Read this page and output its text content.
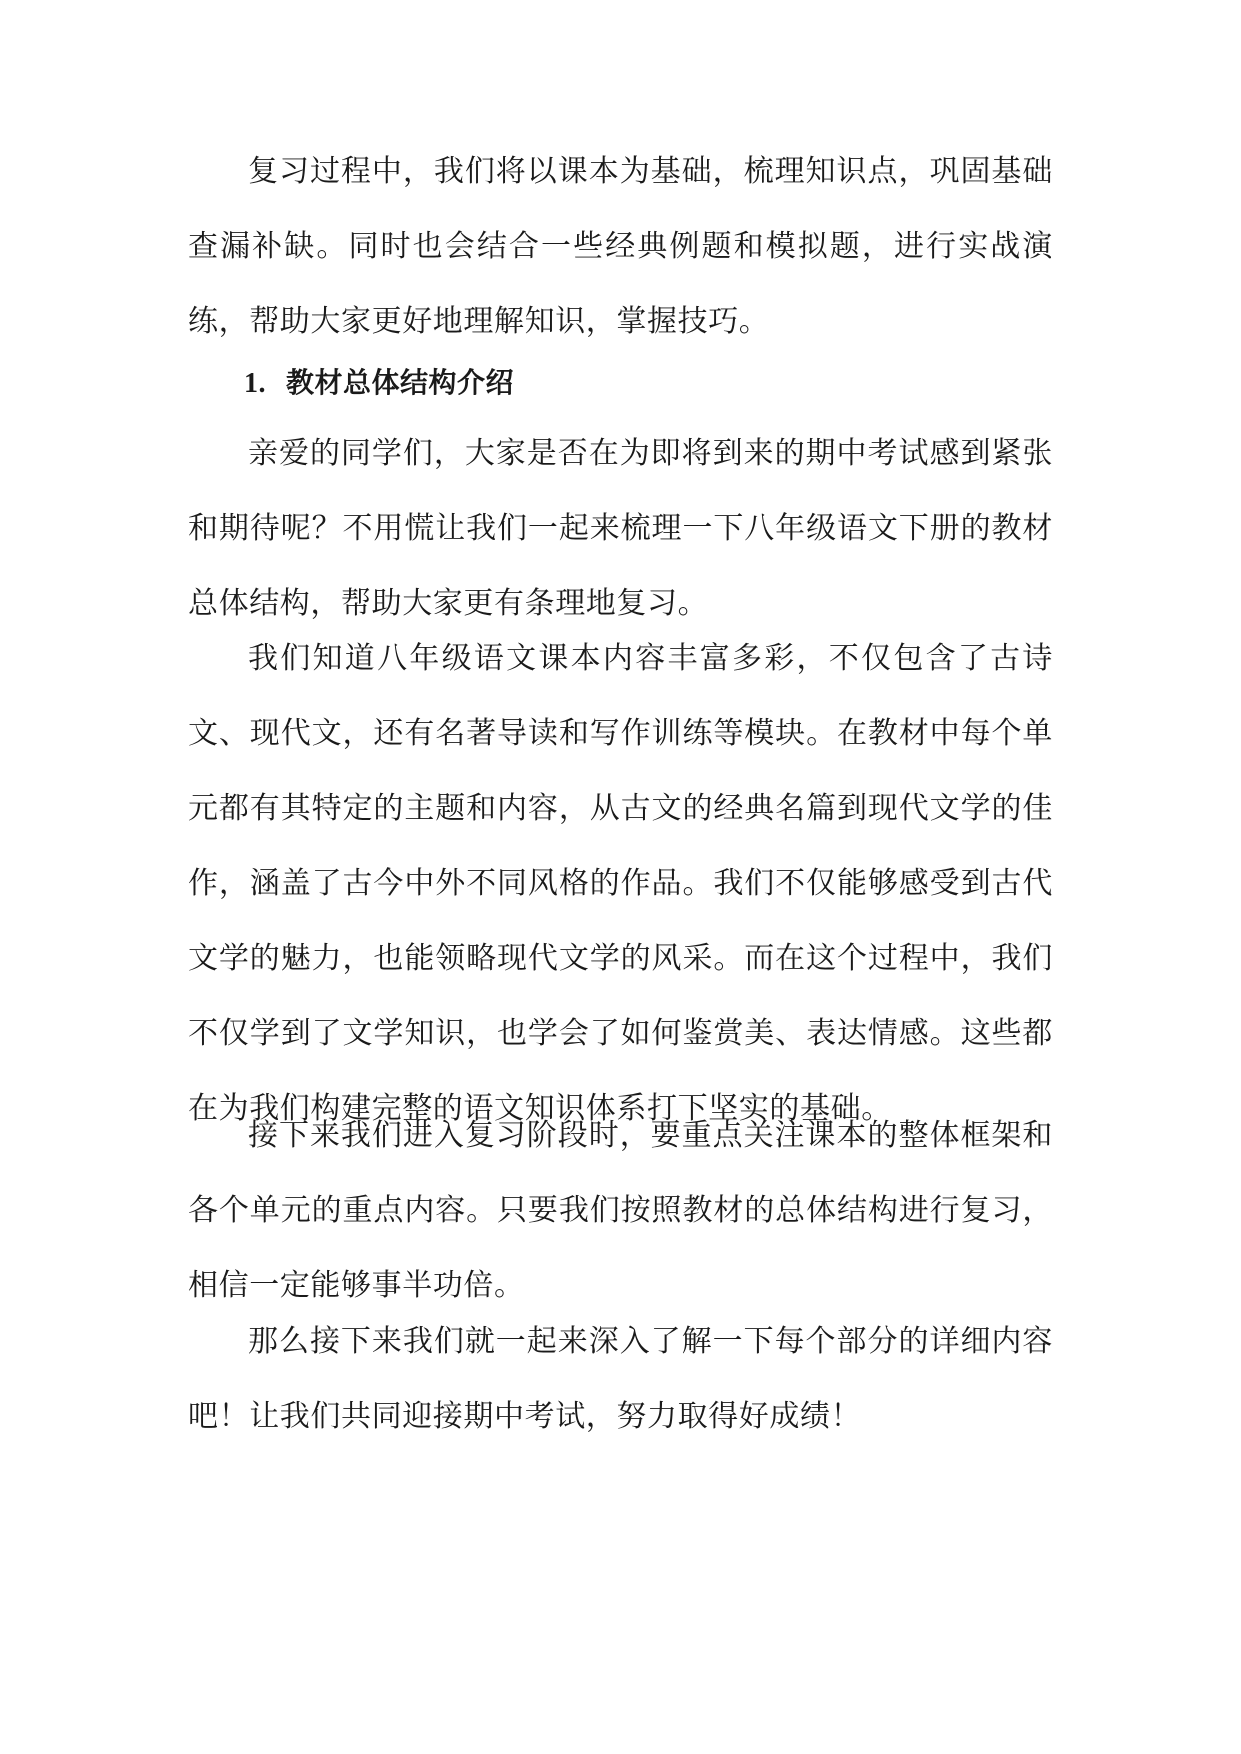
复习过程中，我们将以课本为基础，梳理知识点，巩固基础查漏补缺。同时也会结合一些经典例题和模拟题，进行实战演练，帮助大家更好地理解知识，掌握技巧。

1. 教材总体结构介绍

亲爱的同学们，大家是否在为即将到来的期中考试感到紧张和期待呢？不用慌让我们一起来梳理一下八年级语文下册的教材总体结构，帮助大家更有条理地复习。

我们知道八年级语文课本内容丰富多彩，不仅包含了古诗文、现代文，还有名著导读和写作训练等模块。在教材中每个单元都有其特定的主题和内容，从古文的经典名篇到现代文学的佳作，涵盖了古今中外不同风格的作品。我们不仅能够感受到古代文学的魅力，也能领略现代文学的风采。而在这个过程中，我们不仅学到了文学知识，也学会了如何鉴赏美、表达情感。这些都在为我们构建完整的语文知识体系打下坚实的基础。

接下来我们进入复习阶段时，要重点关注课本的整体框架和各个单元的重点内容。只要我们按照教材的总体结构进行复习，相信一定能够事半功倍。

那么接下来我们就一起来深入了解一下每个部分的详细内容吧！让我们共同迎接期中考试，努力取得好成绩！
